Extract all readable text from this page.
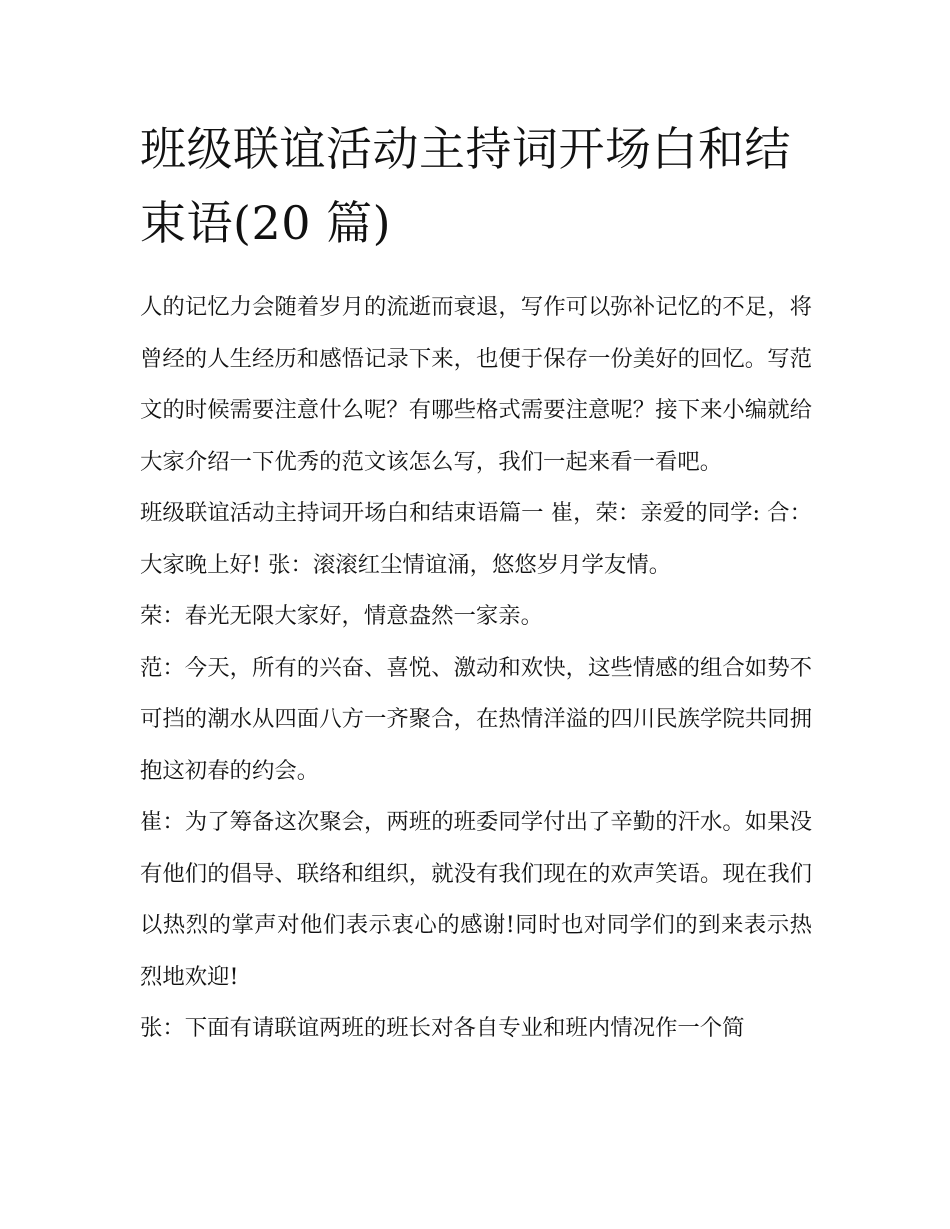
班级联谊活动主持词开场白和结束语(20 篇)

人的记忆力会随着岁月的流逝而衰退，写作可以弥补记忆的不足，将曾经的人生经历和感悟记录下来，也便于保存一份美好的回忆。写范文的时候需要注意什么呢？有哪些格式需要注意呢？接下来小编就给大家介绍一下优秀的范文该怎么写，我们一起来看一看吧。

班级联谊活动主持词开场白和结束语篇一 崔，荣：亲爱的同学: 合：大家晚上好! 张：滚滚红尘情谊涌，悠悠岁月学友情。

荣：春光无限大家好，情意盎然一家亲。

范：今天，所有的兴奋、喜悦、激动和欢快，这些情感的组合如势不可挡的潮水从四面八方一齐聚合，在热情洋溢的四川民族学院共同拥抱这初春的约会。

崔：为了筹备这次聚会，两班的班委同学付出了辛勤的汗水。如果没有他们的倡导、联络和组织，就没有我们现在的欢声笑语。现在我们以热烈的掌声对他们表示衷心的感谢!同时也对同学们的到来表示热烈地欢迎!

张：下面有请联谊两班的班长对各自专业和班内情况作一个简
